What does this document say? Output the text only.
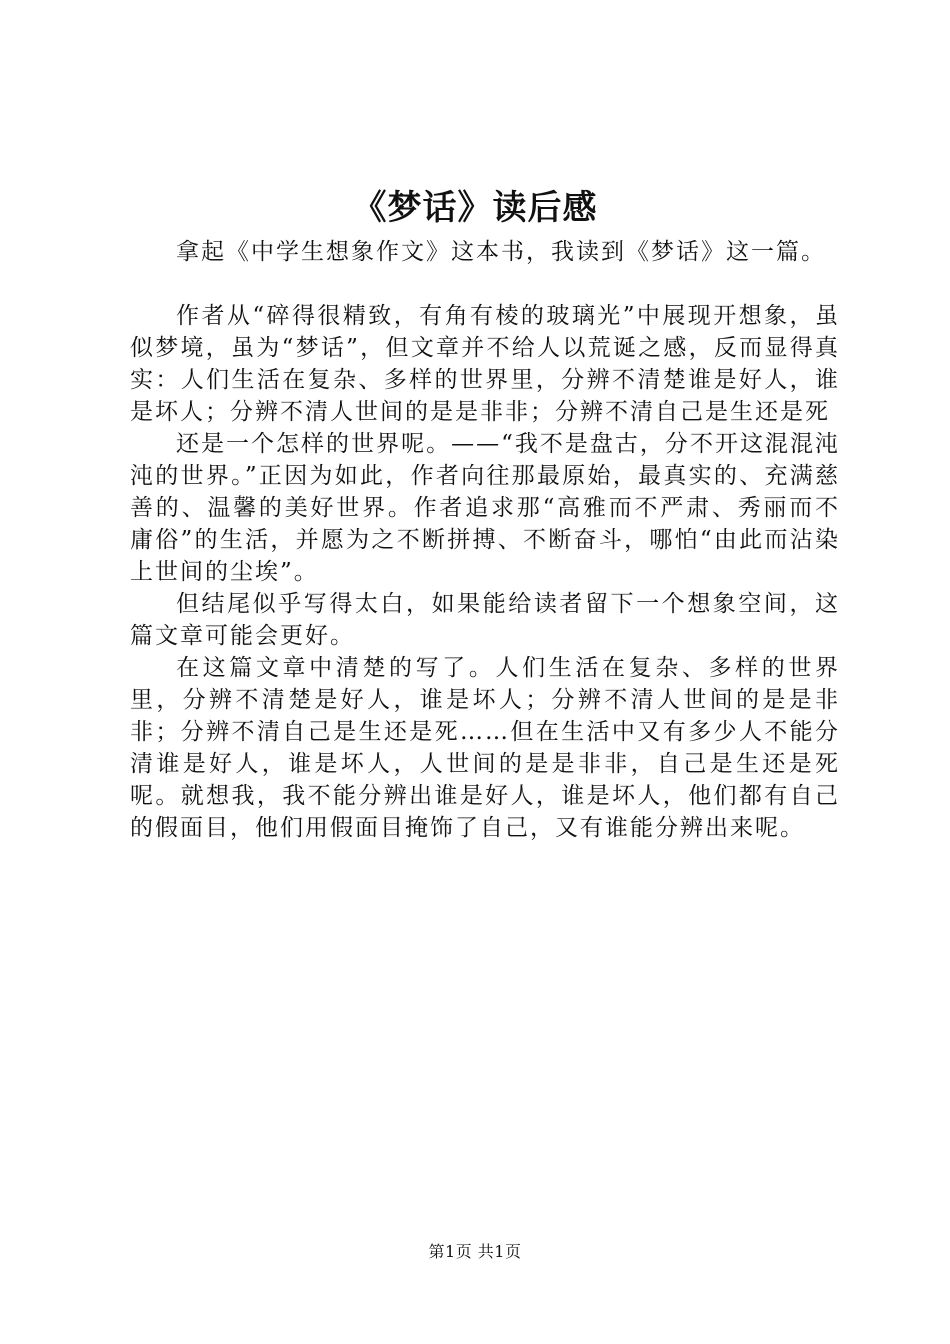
《梦话》读后感

拿起《中学生想象作文》这本书，我读到《梦话》这一篇。

作者从“碎得很精致，有角有棱的玻璃光”中展现开想象，虽似梦境，虽为“梦话”，但文章并不给人以荒诞之感，反而显得真实：人们生活在复杂、多样的世界里，分辨不清楚谁是好人，谁是坏人；分辨不清人世间的是是非非；分辨不清自己是生还是死

还是一个怎样的世界呢。——“我不是盘古，分不开这混混沌沌的世界。”正因为如此，作者向往那最原始，最真实的、充满慈善的、温馨的美好世界。作者追求那“高雅而不严肃、秀丽而不庸俗”的生活，并愿为之不断拼搏、不断奋斗，哪怕“由此而沾染上世间的尘埃”。

但结尾似乎写得太白，如果能给读者留下一个想象空间，这篇文章可能会更好。

在这篇文章中清楚的写了。人们生活在复杂、多样的世界里，分辨不清楚是好人，谁是坏人；分辨不清人世间的是是非非；分辨不清自己是生还是死……但在生活中又有多少人不能分清谁是好人，谁是坏人，人世间的是是非非，自己是生还是死呢。就想我，我不能分辨出谁是好人，谁是坏人，他们都有自己的假面目，他们用假面目掩饰了自己，又有谁能分辨出来呢。

第1页 共1页
